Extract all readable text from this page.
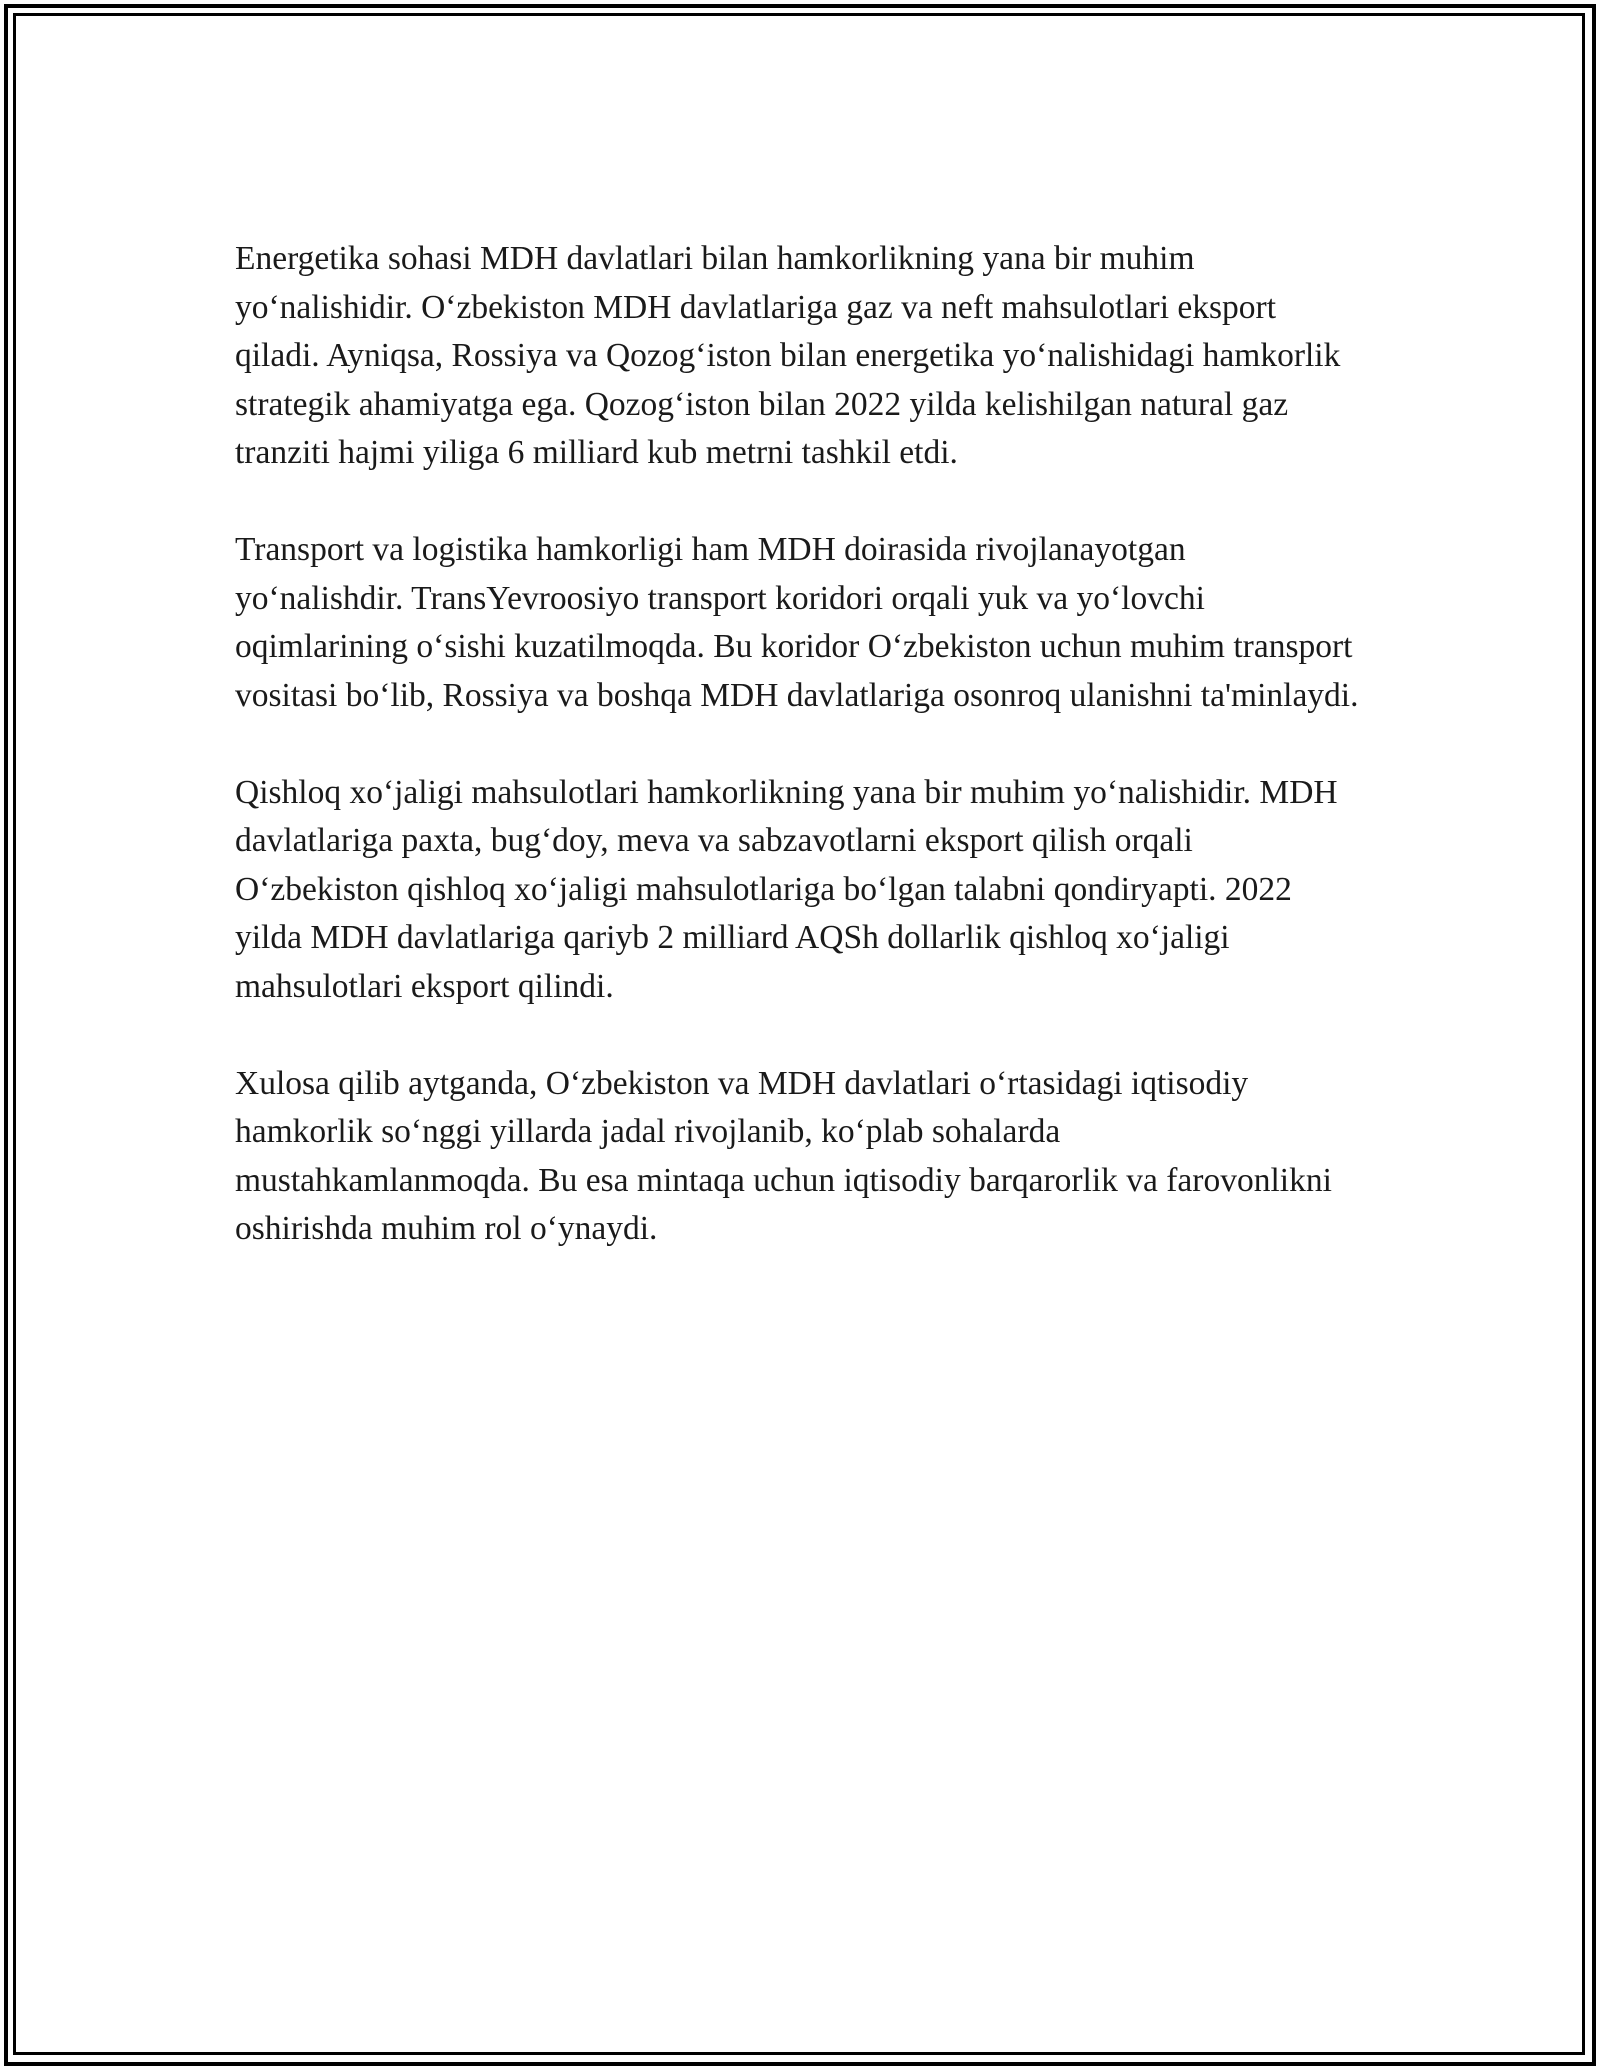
Energetika sohasi MDH davlatlari bilan hamkorlikning yana bir muhim yo‘nalishidir. O‘zbekiston MDH davlatlariga gaz va neft mahsulotlari eksport qiladi. Ayniqsa, Rossiya va Qozog‘iston bilan energetika yo‘nalishidagi hamkorlik strategik ahamiyatga ega. Qozog‘iston bilan 2022 yilda kelishilgan natural gaz tranziti hajmi yiliga 6 milliard kub metrni tashkil etdi.

Transport va logistika hamkorligi ham MDH doirasida rivojlanayotgan yo‘nalishdir. TransYevroosiyo transport koridori orqali yuk va yo‘lovchi oqimlarining o‘sishi kuzatilmoqda. Bu koridor O‘zbekiston uchun muhim transport vositasi bo‘lib, Rossiya va boshqa MDH davlatlariga osonroq ulanishni ta'minlaydi.

Qishloq xo‘jaligi mahsulotlari hamkorlikning yana bir muhim yo‘nalishidir. MDH davlatlariga paxta, bug‘doy, meva va sabzavotlarni eksport qilish orqali O‘zbekiston qishloq xo‘jaligi mahsulotlariga bo‘lgan talabni qondiryapti. 2022 yilda MDH davlatlariga qariyb 2 milliard AQSh dollarlik qishloq xo‘jaligi mahsulotlari eksport qilindi.

Xulosa qilib aytganda, O‘zbekiston va MDH davlatlari o‘rtasidagi iqtisodiy hamkorlik so‘nggi yillarda jadal rivojlanib, ko‘plab sohalarda mustahkamlanmoqda. Bu esa mintaqa uchun iqtisodiy barqarorlik va farovonlikni oshirishda muhim rol o‘ynaydi.
